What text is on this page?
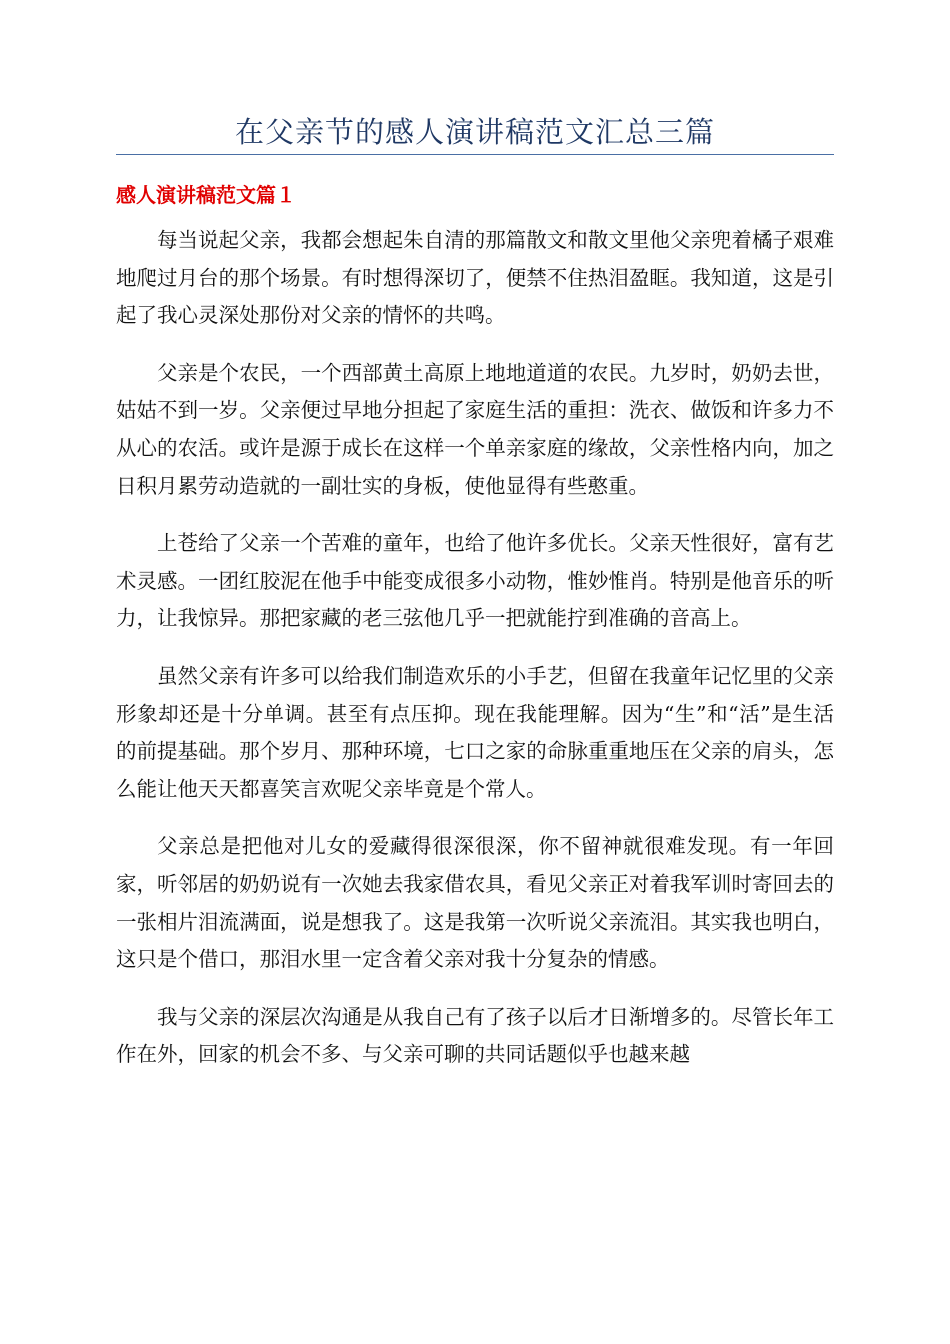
在父亲节的感人演讲稿范文汇总三篇
感人演讲稿范文篇１

每当说起父亲，我都会想起朱自清的那篇散文和散文里他父亲兜着橘子艰难地爬过月台的那个场景。有时想得深切了，便禁不住热泪盈眶。我知道，这是引起了我心灵深处那份对父亲的情怀的共鸣。

父亲是个农民，一个西部黄土高原上地地道道的农民。九岁时，奶奶去世，姑姑不到一岁。父亲便过早地分担起了家庭生活的重担：洗衣、做饭和许多力不从心的农活。或许是源于成长在这样一个单亲家庭的缘故，父亲性格内向，加之日积月累劳动造就的一副壮实的身板，使他显得有些憨重。

上苍给了父亲一个苦难的童年，也给了他许多优长。父亲天性很好，富有艺术灵感。一团红胶泥在他手中能变成很多小动物，惟妙惟肖。特别是他音乐的听力，让我惊异。那把家藏的老三弦他几乎一把就能拧到准确的音高上。

虽然父亲有许多可以给我们制造欢乐的小手艺，但留在我童年记忆里的父亲形象却还是十分单调。甚至有点压抑。现在我能理解。因为“生”和“活”是生活的前提基础。那个岁月、那种环境，七口之家的命脉重重地压在父亲的肩头，怎么能让他天天都喜笑言欢呢父亲毕竟是个常人。

父亲总是把他对儿女的爱藏得很深很深，你不留神就很难发现。有一年回家，听邻居的奶奶说有一次她去我家借农具，看见父亲正对着我军训时寄回去的一张相片泪流满面，说是想我了。这是我第一次听说父亲流泪。其实我也明白，这只是个借口，那泪水里一定含着父亲对我十分复杂的情感。

我与父亲的深层次沟通是从我自己有了孩子以后才日渐增多的。尽管长年工作在外，回家的机会不多、与父亲可聊的共同话题似乎也越来越
